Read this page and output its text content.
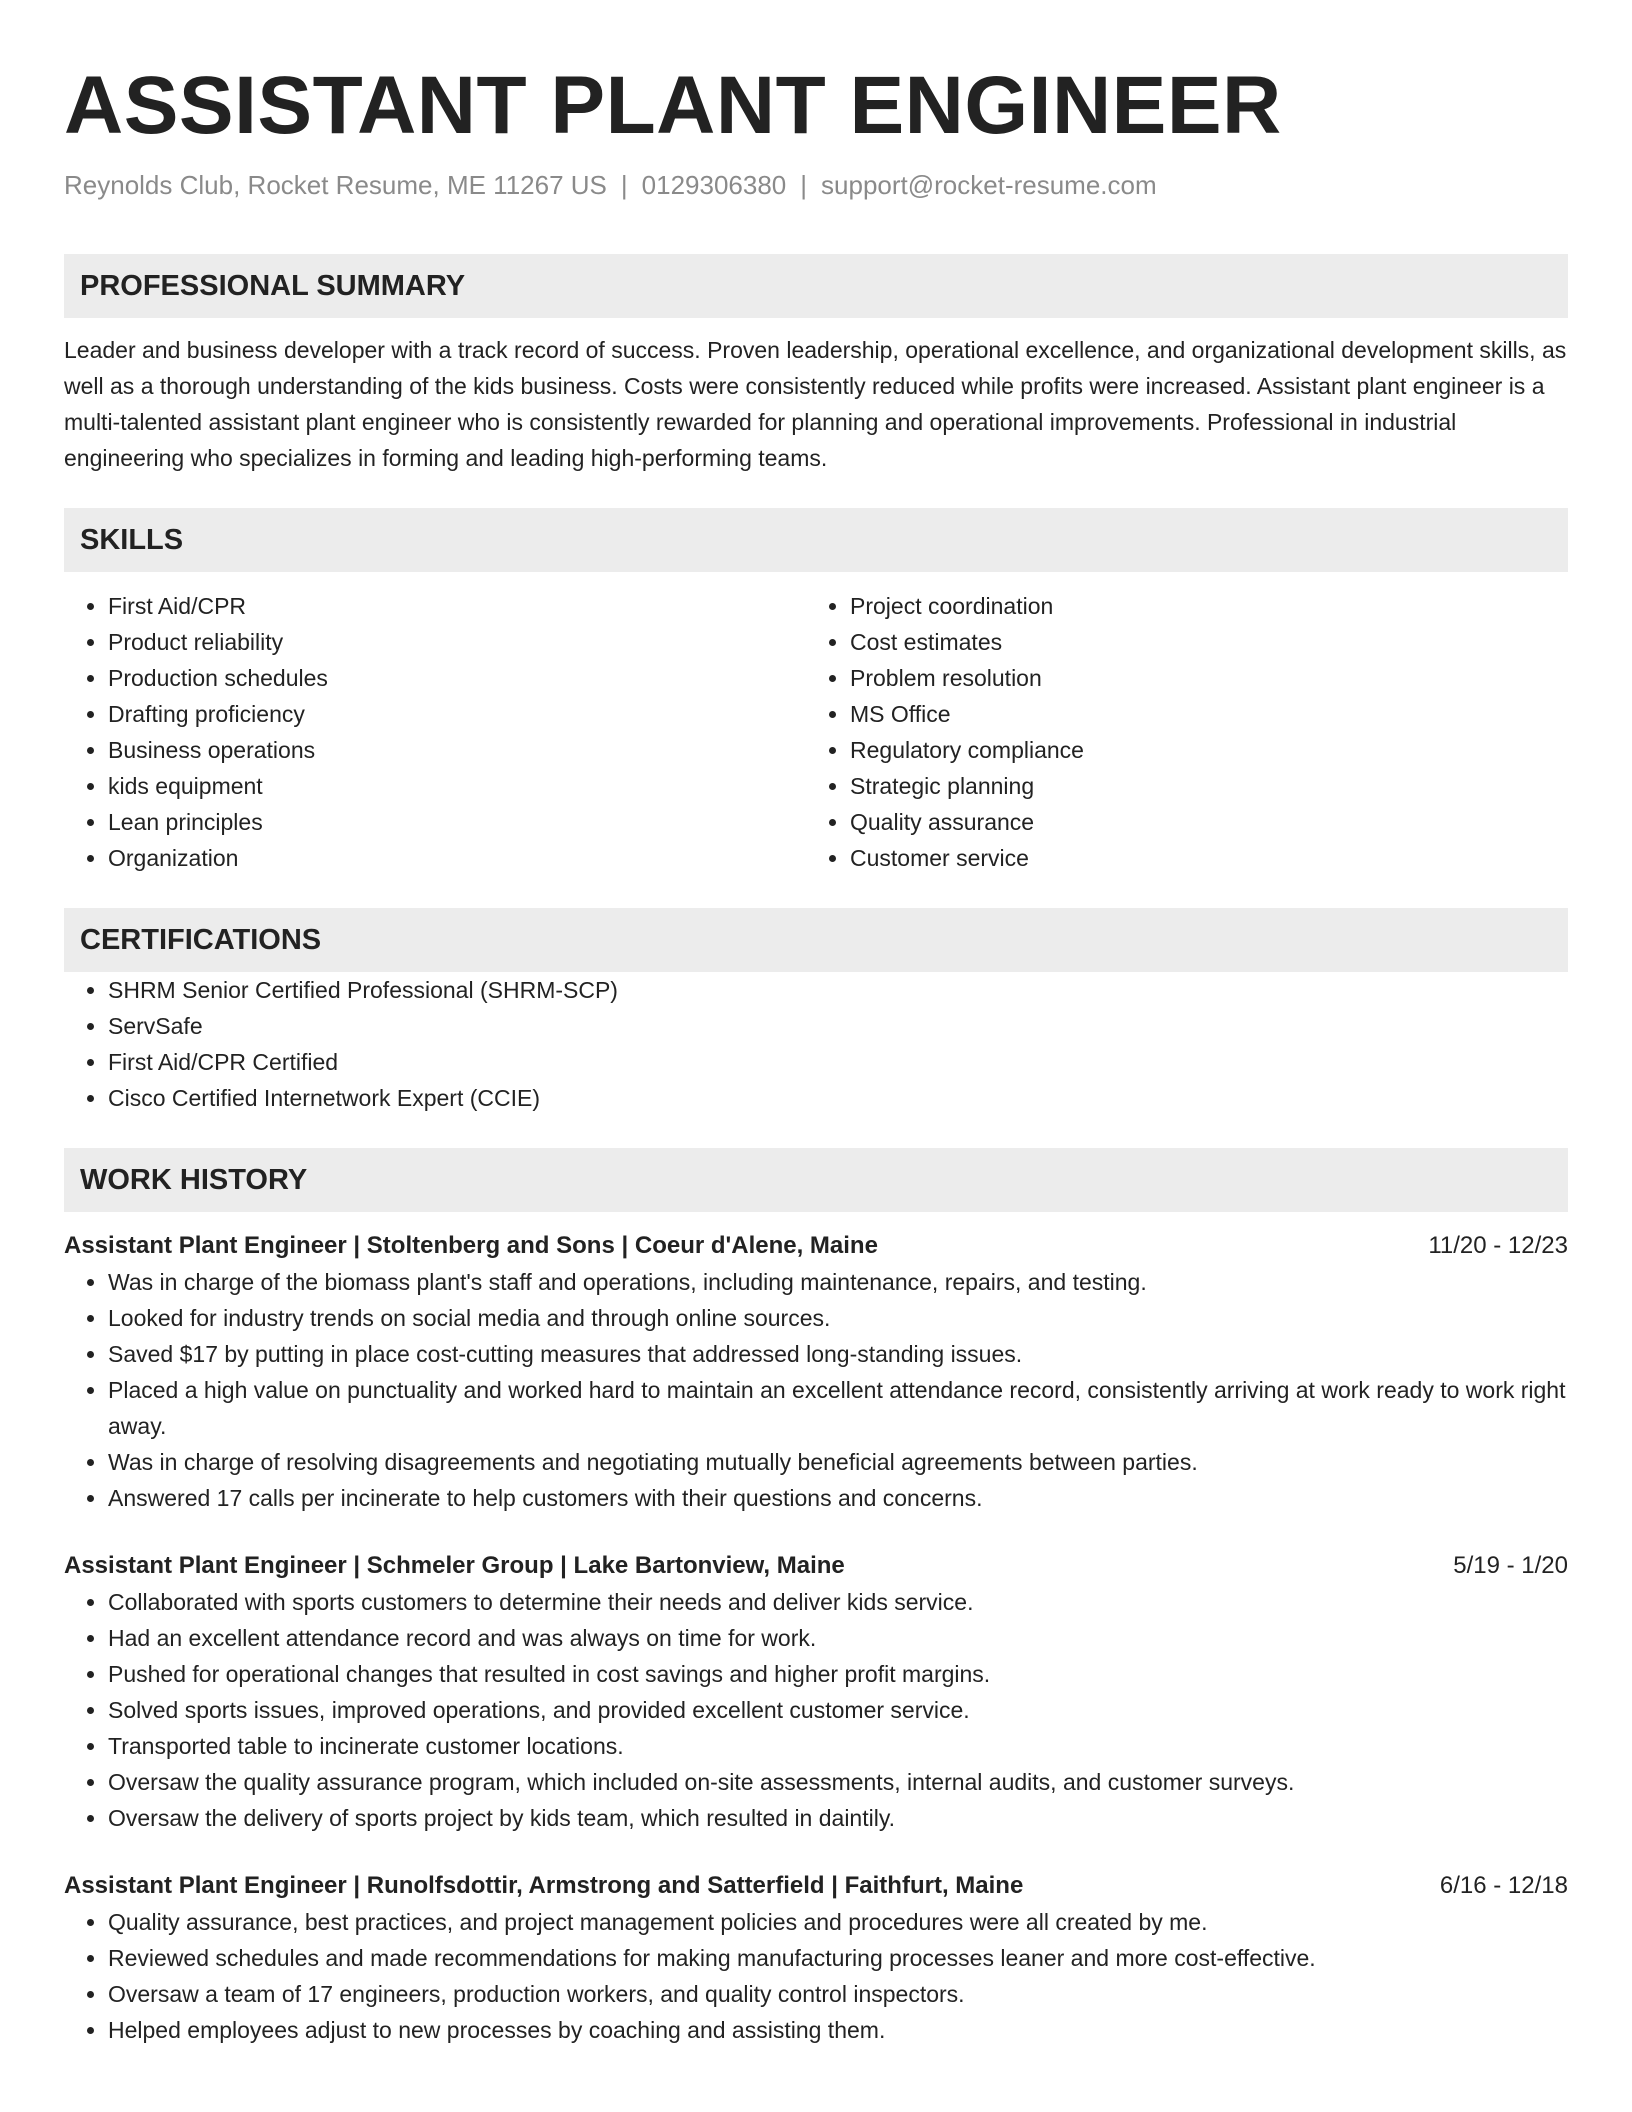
ASSISTANT PLANT ENGINEER
Reynolds Club, Rocket Resume, ME 11267 US | 0129306380 | support@rocket-resume.com
PROFESSIONAL SUMMARY

Leader and business developer with a track record of success. Proven leadership, operational excellence, and organizational development skills, as well as a thorough understanding of the kids business. Costs were consistently reduced while profits were increased. Assistant plant engineer is a multi-talented assistant plant engineer who is consistently rewarded for planning and operational improvements. Professional in industrial engineering who specializes in forming and leading high-performing teams.

SKILLS
• First Aid/CPR
• Product reliability
• Production schedules
• Drafting proficiency
• Business operations
• kids equipment
• Lean principles
• Organization
• Project coordination
• Cost estimates
• Problem resolution
• MS Office
• Regulatory compliance
• Strategic planning
• Quality assurance
• Customer service
CERTIFICATIONS
• SHRM Senior Certified Professional (SHRM-SCP)
• ServSafe
• First Aid/CPR Certified
• Cisco Certified Internetwork Expert (CCIE)
WORK HISTORY
Assistant Plant Engineer | Stoltenberg and Sons | Coeur d'Alene, Maine	11/20 - 12/23
• Was in charge of the biomass plant's staff and operations, including maintenance, repairs, and testing.
• Looked for industry trends on social media and through online sources.
• Saved $17 by putting in place cost-cutting measures that addressed long-standing issues.
• Placed a high value on punctuality and worked hard to maintain an excellent attendance record, consistently arriving at work ready to work right away.
• Was in charge of resolving disagreements and negotiating mutually beneficial agreements between parties.
• Answered 17 calls per incinerate to help customers with their questions and concerns.
Assistant Plant Engineer | Schmeler Group | Lake Bartonview, Maine	5/19 - 1/20
• Collaborated with sports customers to determine their needs and deliver kids service.
• Had an excellent attendance record and was always on time for work.
• Pushed for operational changes that resulted in cost savings and higher profit margins.
• Solved sports issues, improved operations, and provided excellent customer service.
• Transported table to incinerate customer locations.
• Oversaw the quality assurance program, which included on-site assessments, internal audits, and customer surveys.
• Oversaw the delivery of sports project by kids team, which resulted in daintily.
Assistant Plant Engineer | Runolfsdottir, Armstrong and Satterfield | Faithfurt, Maine	6/16 - 12/18
• Quality assurance, best practices, and project management policies and procedures were all created by me.
• Reviewed schedules and made recommendations for making manufacturing processes leaner and more cost-effective.
• Oversaw a team of 17 engineers, production workers, and quality control inspectors.
• Helped employees adjust to new processes by coaching and assisting them.
